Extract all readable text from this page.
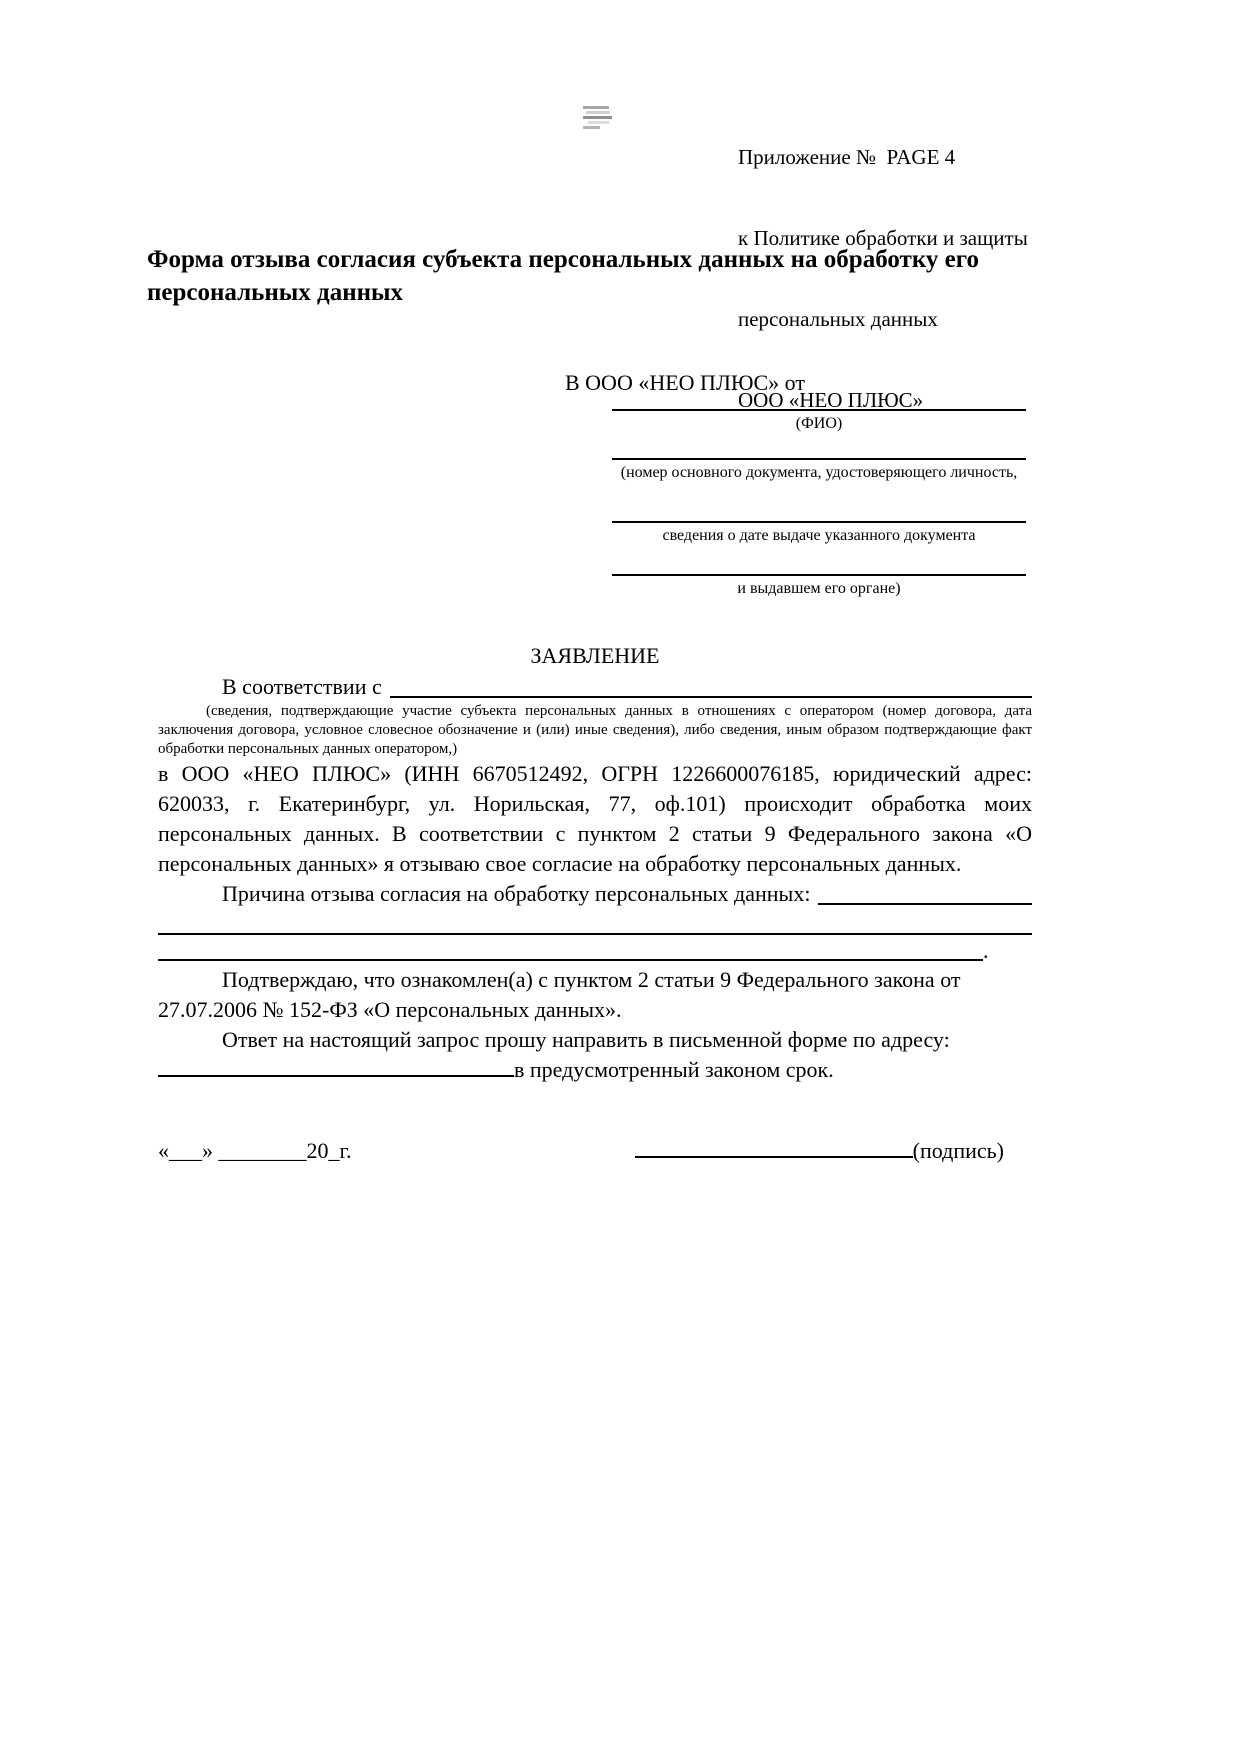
Приложение №  PAGE 4

к Политике обработки и защиты

персональных данных

ООО «НЕО ПЛЮС»

Форма отзыва согласия субъекта персональных данных на обработку его персональных данных
В ООО «НЕО ПЛЮС» от
(ФИО)
(номер основного документа, удостоверяющего личность,
сведения о дате выдаче указанного документа
и выдавшем его органе)
ЗАЯВЛЕНИЕ
В соответствии с

(сведения, подтверждающие участие субъекта персональных данных в отношениях с оператором (номер договора, дата заключения договора, условное словесное обозначение и (или) иные сведения), либо сведения, иным образом подтверждающие факт обработки персональных данных оператором,)

в ООО «НЕО ПЛЮС» (ИНН 6670512492, ОГРН 1226600076185, юридический адрес: 620033, г. Екатеринбург, ул. Норильская, 77, оф.101) происходит обработка моих персональных данных. В соответствии с пунктом 2 статьи 9 Федерального закона «О персональных данных» я отзываю свое согласие на обработку персональных данных.

Причина отзыва согласия на обработку персональных данных:
.

Подтверждаю, что ознакомлен(а) с пунктом 2 статьи 9 Федерального закона от 27.07.2006 № 152-ФЗ «О персональных данных».

Ответ на настоящий запрос прошу направить в письменной форме по адресу:

в предусмотренный законом срок.
«___» ________20_г.	(подпись)
